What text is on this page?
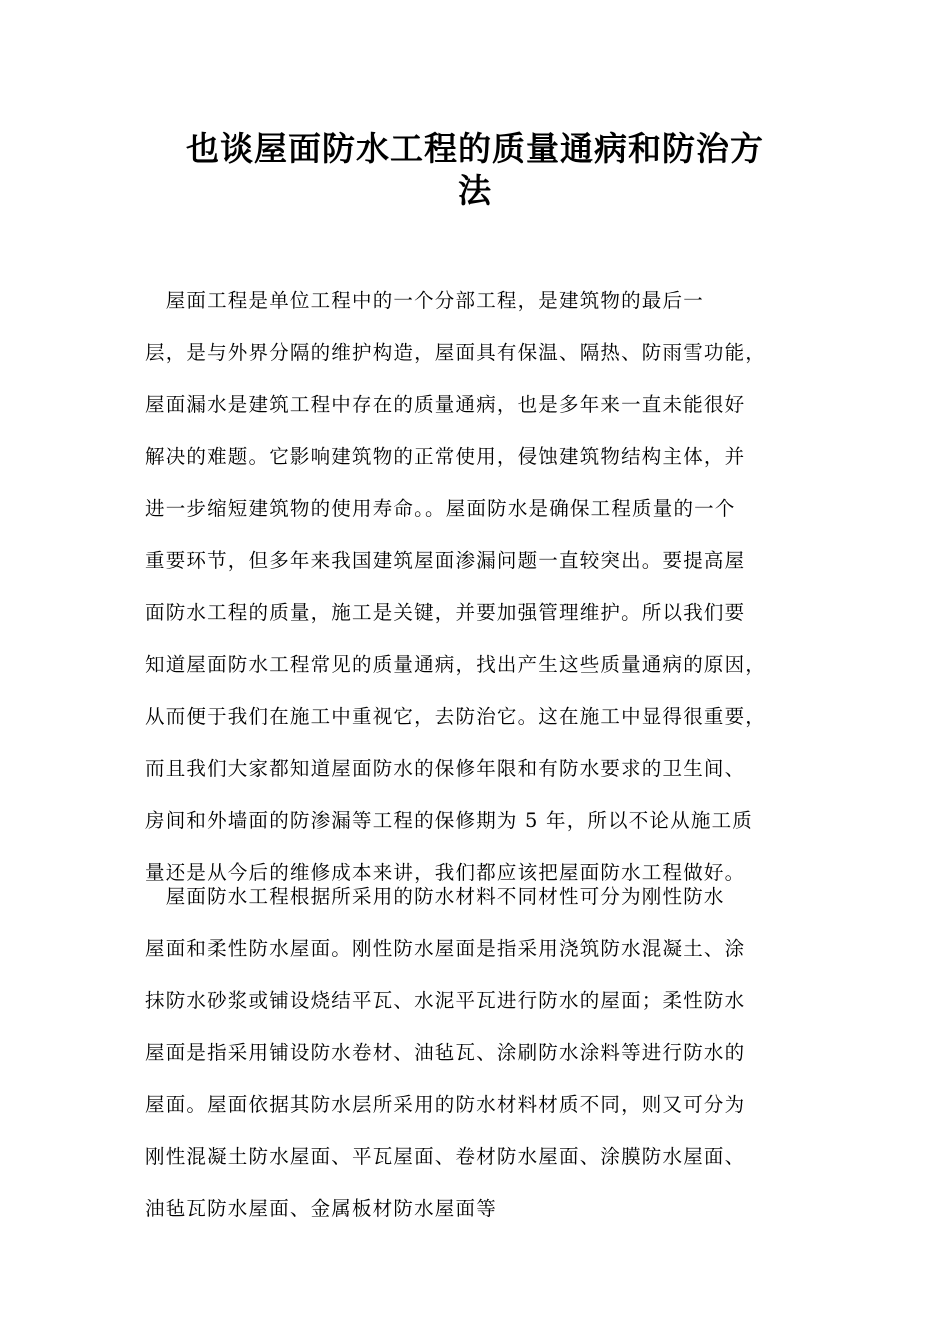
也谈屋面防水工程的质量通病和防治方
法
　屋面工程是单位工程中的一个分部工程，是建筑物的最后一
层，是与外界分隔的维护构造，屋面具有保温、隔热、防雨雪功能，
屋面漏水是建筑工程中存在的质量通病，也是多年来一直未能很好
解决的难题。它影响建筑物的正常使用，侵蚀建筑物结构主体，并
进一步缩短建筑物的使用寿命。。屋面防水是确保工程质量的一个
重要环节，但多年来我国建筑屋面渗漏问题一直较突出。要提高屋
面防水工程的质量，施工是关键，并要加强管理维护。所以我们要
知道屋面防水工程常见的质量通病，找出产生这些质量通病的原因，
从而便于我们在施工中重视它，去防治它。这在施工中显得很重要，
而且我们大家都知道屋面防水的保修年限和有防水要求的卫生间、
房间和外墙面的防渗漏等工程的保修期为 5 年，所以不论从施工质
量还是从今后的维修成本来讲，我们都应该把屋面防水工程做好。
　屋面防水工程根据所采用的防水材料不同材性可分为刚性防水
屋面和柔性防水屋面。刚性防水屋面是指采用浇筑防水混凝土、涂
抹防水砂浆或铺设烧结平瓦、水泥平瓦进行防水的屋面；柔性防水
屋面是指采用铺设防水卷材、油毡瓦、涂刷防水涂料等进行防水的
屋面。屋面依据其防水层所采用的防水材料材质不同，则又可分为
刚性混凝土防水屋面、平瓦屋面、卷材防水屋面、涂膜防水屋面、
油毡瓦防水屋面、金属板材防水屋面等
